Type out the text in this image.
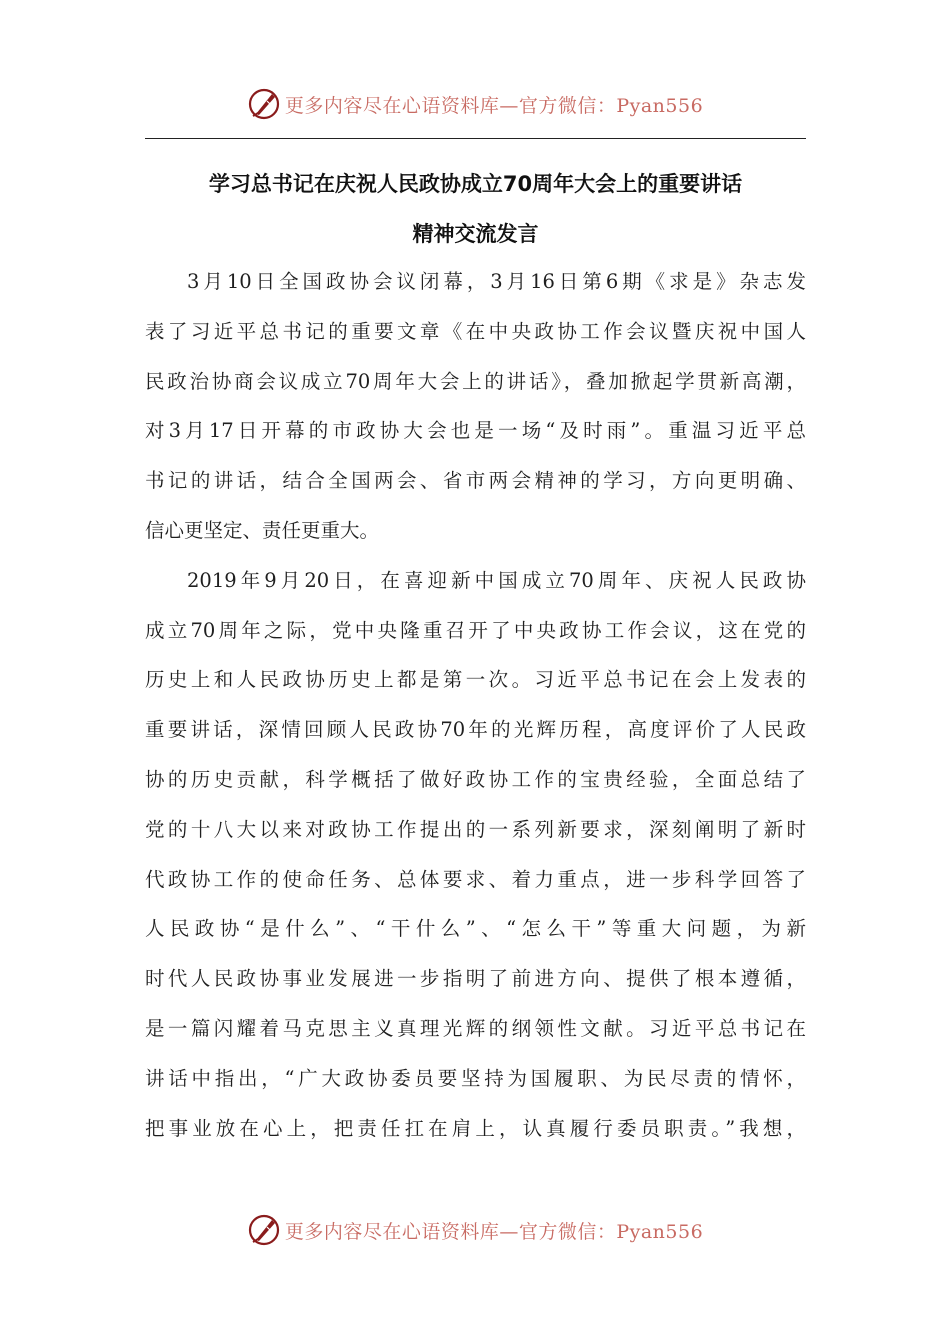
更多内容尽在心语资料库—官方微信：Pyan556
学习总书记在庆祝人民政协成立70周年大会上的重要讲话
精神交流发言
3月10日全国政协会议闭幕，3月16日第6期《求是》杂志发
表了习近平总书记的重要文章《在中央政协工作会议暨庆祝中国人
民政治协商会议成立70周年大会上的讲话》，叠加掀起学贯新高潮，
对3月17日开幕的市政协大会也是一场“及时雨”。重温习近平总
书记的讲话，结合全国两会、省市两会精神的学习，方向更明确、
信心更坚定、责任更重大。
2019年9月20日，在喜迎新中国成立70周年、庆祝人民政协
成立70周年之际，党中央隆重召开了中央政协工作会议，这在党的
历史上和人民政协历史上都是第一次。习近平总书记在会上发表的
重要讲话，深情回顾人民政协70年的光辉历程，高度评价了人民政
协的历史贡献，科学概括了做好政协工作的宝贵经验，全面总结了
党的十八大以来对政协工作提出的一系列新要求，深刻阐明了新时
代政协工作的使命任务、总体要求、着力重点，进一步科学回答了
人民政协“是什么”、“干什么”、“怎么干”等重大问题，为新
时代人民政协事业发展进一步指明了前进方向、提供了根本遵循，
是一篇闪耀着马克思主义真理光辉的纲领性文献。习近平总书记在
讲话中指出，“广大政协委员要坚持为国履职、为民尽责的情怀，
把事业放在心上，把责任扛在肩上，认真履行委员职责。”我想，
更多内容尽在心语资料库—官方微信：Pyan556
